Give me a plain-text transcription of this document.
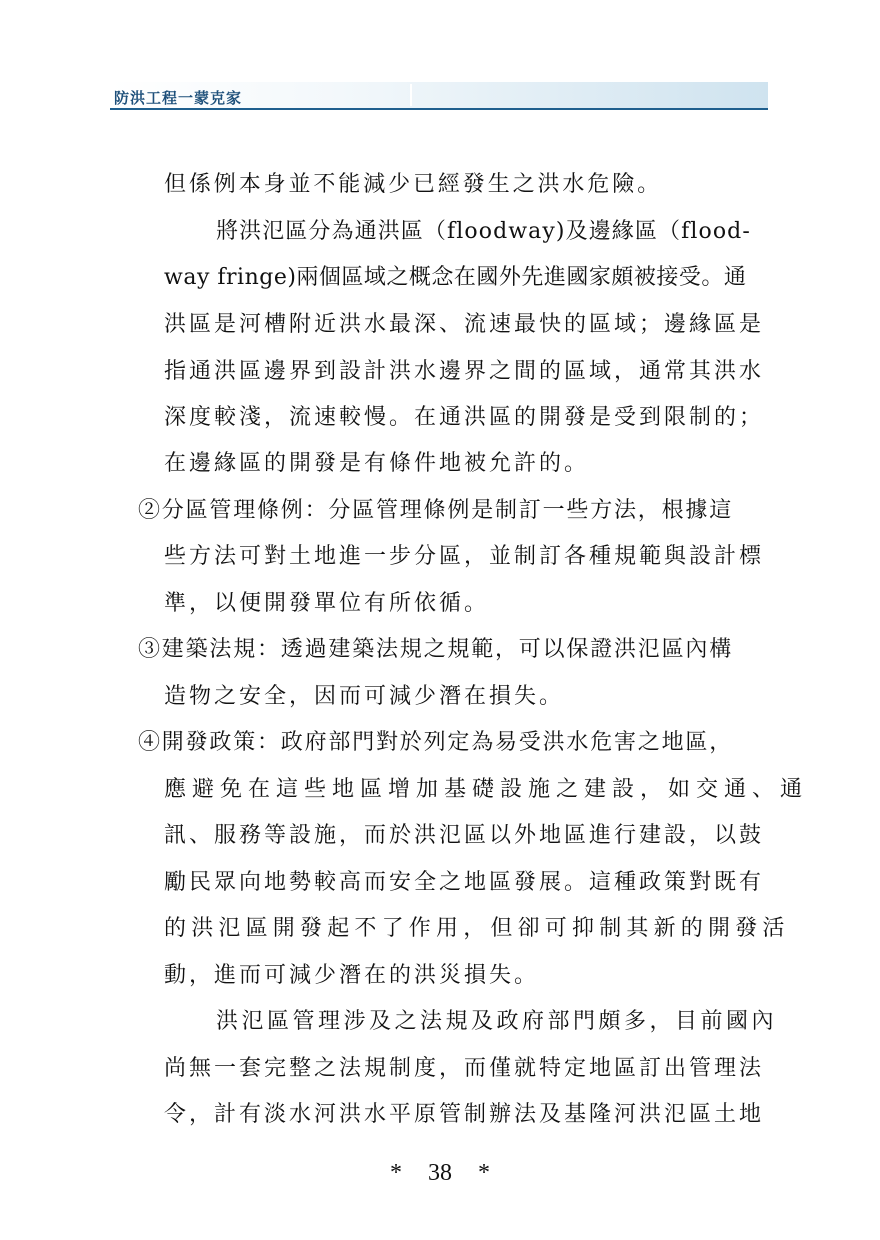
防洪工程一蒙克家
但係例本身並不能減少已經發生之洪水危險。
將洪氾區分為通洪區（floodway)及邊緣區（flood-
way fringe)兩個區域之概念在國外先進國家頗被接受。通
洪區是河槽附近洪水最深、流速最快的區域；邊緣區是
指通洪區邊界到設計洪水邊界之間的區域，通常其洪水
深度較淺，流速較慢。在通洪區的開發是受到限制的；
在邊緣區的開發是有條件地被允許的。
②分區管理條例：分區管理條例是制訂一些方法，根據這
些方法可對土地進一步分區，並制訂各種規範與設計標
準，以便開發單位有所依循。
③建築法規：透過建築法規之規範，可以保證洪氾區內構
造物之安全，因而可減少潛在損失。
④開發政策：政府部門對於列定為易受洪水危害之地區，
應避免在這些地區增加基礎設施之建設，如交通、通
訊、服務等設施，而於洪氾區以外地區進行建設，以鼓
勵民眾向地勢較高而安全之地區發展。這種政策對既有
的洪氾區開發起不了作用，但卻可抑制其新的開發活
動，進而可減少潛在的洪災損失。
洪氾區管理涉及之法規及政府部門頗多，目前國內
尚無一套完整之法規制度，而僅就特定地區訂出管理法
令，計有淡水河洪水平原管制辦法及基隆河洪氾區土地
* 38 *
